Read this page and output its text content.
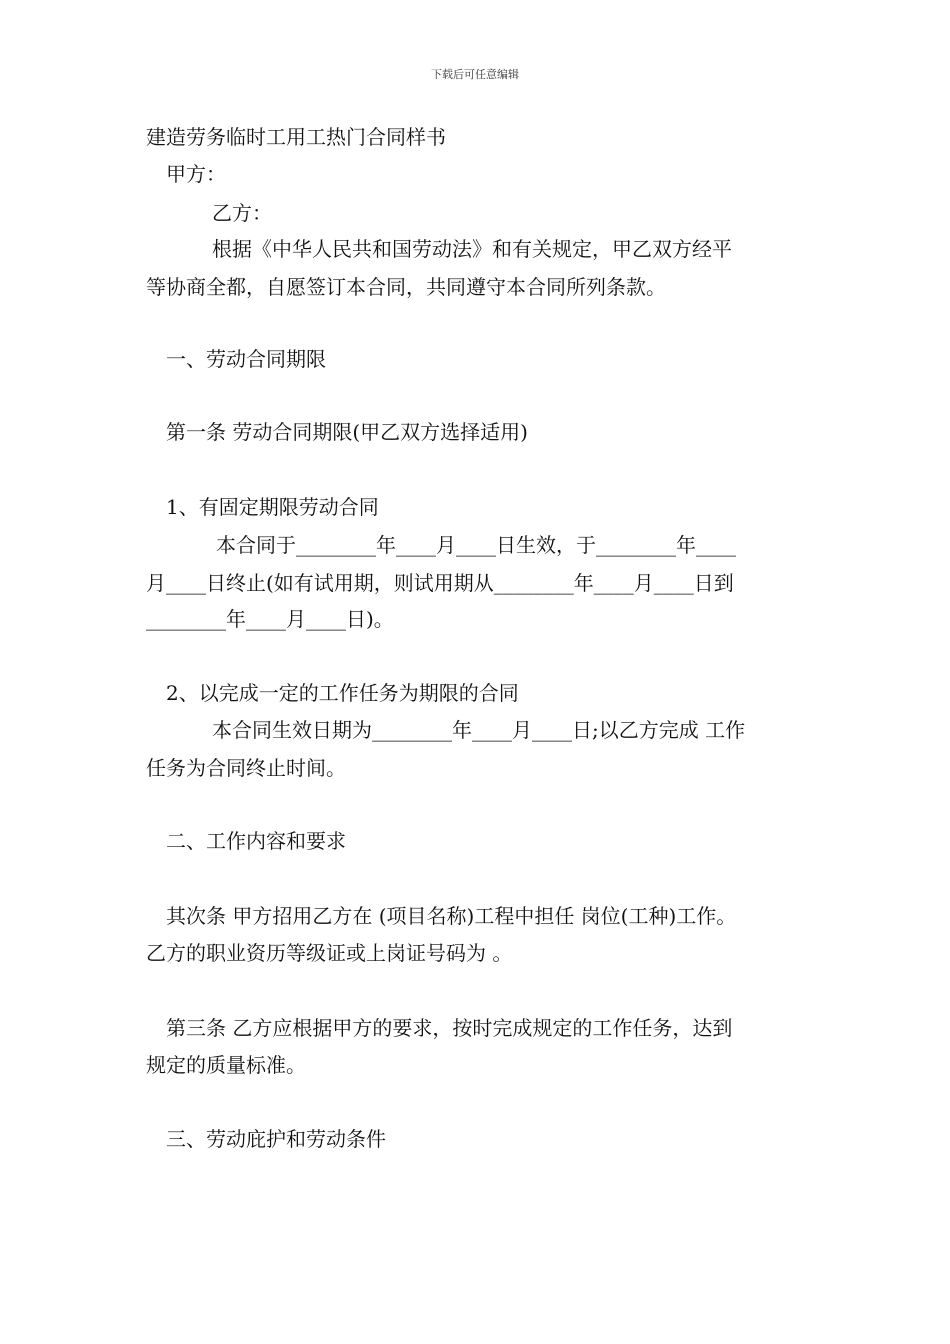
下载后可任意编辑
建造劳务临时工用工热门合同样书
甲方：
乙方：
根据《中华人民共和国劳动法》和有关规定，甲乙双方经平
等协商全都，自愿签订本合同，共同遵守本合同所列条款。
一、劳动合同期限
第一条 劳动合同期限(甲乙双方选择适用)
1、有固定期限劳动合同
本合同于________年____月____日生效，于________年____
月____日终止(如有试用期，则试用期从________年____月____日到
________年____月____日)。
2、以完成一定的工作任务为期限的合同
本合同生效日期为________年____月____日;以乙方完成 工作
任务为合同终止时间。
二、工作内容和要求
其次条 甲方招用乙方在 (项目名称)工程中担任 岗位(工种)工作。
乙方的职业资历等级证或上岗证号码为 。
第三条 乙方应根据甲方的要求，按时完成规定的工作任务，达到
规定的质量标准。
三、劳动庇护和劳动条件
